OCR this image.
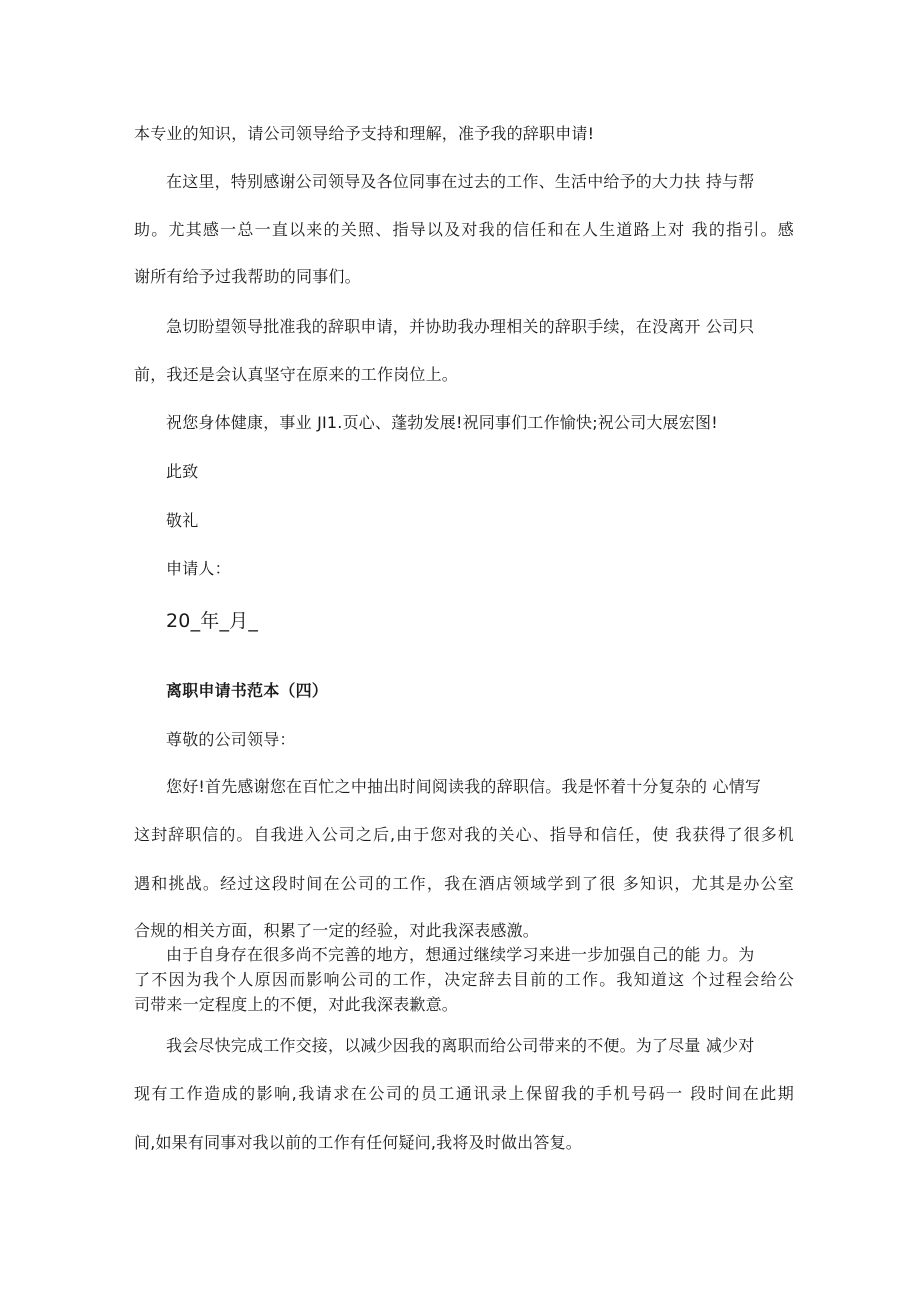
本专业的知识，请公司领导给予支持和理解，准予我的辞职申请!
在这里，特别感谢公司领导及各位同事在过去的工作、生活中给予的大力扶 持与帮
助。尤其感一总一直以来的关照、指导以及对我的信任和在人生道路上对 我的指引。感
谢所有给予过我帮助的同事们。
急切盼望领导批准我的辞职申请，并协助我办理相关的辞职手续，在没离开 公司只
前，我还是会认真坚守在原来的工作岗位上。
祝您身体健康，事业 JI1.页心、蓬勃发展!祝同事们工作愉快;祝公司大展宏图!
此致
敬礼
申请人：
20_年_月_
离职申请书范本（四）
尊敬的公司领导：
您好!首先感谢您在百忙之中抽出时间阅读我的辞职信。我是怀着十分复杂的 心情写
这封辞职信的。自我进入公司之后,由于您对我的关心、指导和信任，使 我获得了很多机
遇和挑战。经过这段时间在公司的工作，我在酒店领域学到了很 多知识，尤其是办公室
合规的相关方面，积累了一定的经验，对此我深表感激。
由于自身存在很多尚不完善的地方，想通过继续学习来进一步加强自己的能 力。为
了不因为我个人原因而影响公司的工作，决定辞去目前的工作。我知道这 个过程会给公
司带来一定程度上的不便，对此我深表歉意。
我会尽快完成工作交接，以减少因我的离职而给公司带来的不便。为了尽量 减少对
现有工作造成的影响,我请求在公司的员工通讯录上保留我的手机号码一 段时间在此期
间,如果有同事对我以前的工作有任何疑问,我将及时做出答复。
